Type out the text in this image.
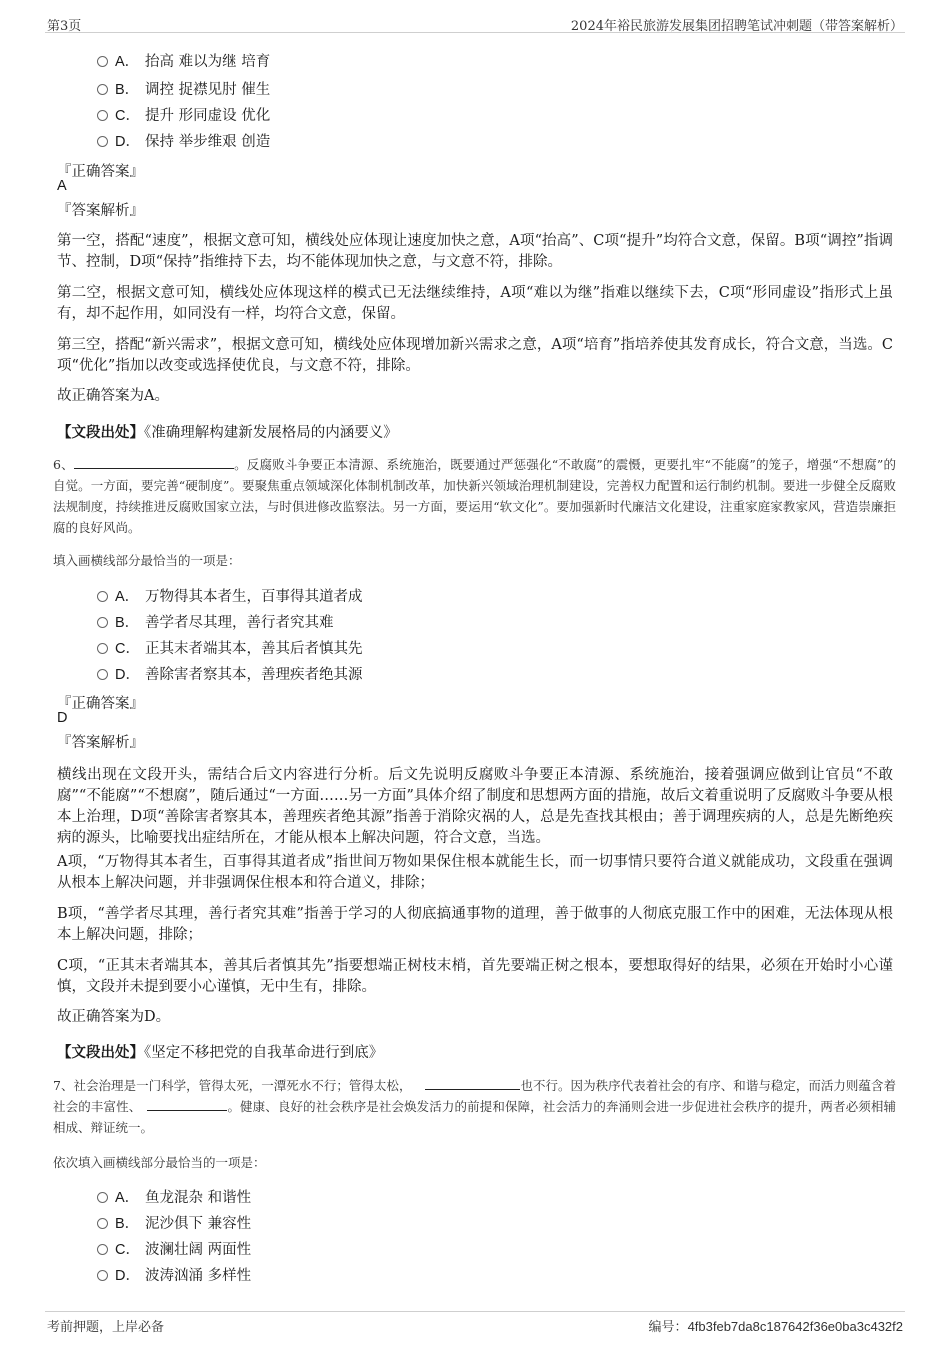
第3页	2024年裕民旅游发展集团招聘笔试冲刺题（带答案解析）
A． 抬高 难以为继 培育
B． 调控 捉襟见肘 催生
C． 提升 形同虚设 优化
D． 保持 举步维艰 创造
『正确答案』
A
『答案解析』
第一空，搭配“速度”，根据文意可知，横线处应体现让速度加快之意，A项“抬高”、C项“提升”均符合文意，保留。B项“调控”指调节、控制，D项“保持”指维持下去，均不能体现加快之意，与文意不符，排除。
第二空，根据文意可知，横线处应体现这样的模式已无法继续维持，A项“难以为继”指难以继续下去，C项“形同虚设”指形式上虽有，却不起作用，如同没有一样，均符合文意，保留。
第三空，搭配“新兴需求”，根据文意可知，横线处应体现增加新兴需求之意，A项“培育”指培养使其发育成长，符合文意，当选。C项“优化”指加以改变或选择使优良，与文意不符，排除。
故正确答案为A。
【文段出处】《准确理解构建新发展格局的内涵要义》
6、	。反腐败斗争要正本清源、系统施治，既要通过严惩强化“不敢腐”的震慑，更要扎牢“不能腐”的笼子，增强“不想腐”的自觉。一方面，要完善“硬制度”。要聚焦重点领域深化体制机制改革，加快新兴领域治理机制建设，完善权力配置和运行制约机制。要进一步健全反腐败法规制度，持续推进反腐败国家立法，与时俱进修改监察法。另一方面，要运用“软文化”。要加强新时代廉洁文化建设，注重家庭家教家风，营造崇廉拒腐的良好风尚。
填入画横线部分最恰当的一项是：
A． 万物得其本者生，百事得其道者成
B． 善学者尽其理，善行者究其难
C． 正其末者端其本，善其后者慎其先
D． 善除害者察其本，善理疾者绝其源
『正确答案』
D
『答案解析』
横线出现在文段开头，需结合后文内容进行分析。后文先说明反腐败斗争要正本清源、系统施治，接着强调应做到让官员“不敢腐”“不能腐”“不想腐”，随后通过“一方面……另一方面”具体介绍了制度和思想两方面的措施，故后文着重说明了反腐败斗争要从根本上治理，D项“善除害者察其本，善理疾者绝其源”指善于消除灾祸的人，总是先查找其根由；善于调理疾病的人，总是先断绝疾病的源头，比喻要找出症结所在，才能从根本上解决问题，符合文意，当选。
A项，“万物得其本者生，百事得其道者成”指世间万物如果保住根本就能生长，而一切事情只要符合道义就能成功，文段重在强调从根本上解决问题，并非强调保住根本和符合道义，排除；
B项，“善学者尽其理，善行者究其难”指善于学习的人彻底搞通事物的道理，善于做事的人彻底克服工作中的困难，无法体现从根本上解决问题，排除；
C项，“正其末者端其本，善其后者慎其先”指要想端正树枝末梢，首先要端正树之根本，要想取得好的结果，必须在开始时小心谨慎，文段并未提到要小心谨慎，无中生有，排除。
故正确答案为D。
【文段出处】《坚定不移把党的自我革命进行到底》
7、社会治理是一门科学，管得太死，一潭死水不行；管得太松，	也不行。因为秩序代表着社会的有序、和谐与稳定，而活力则蕴含着社会的丰富性、	。健康、良好的社会秩序是社会焕发活力的前提和保障，社会活力的奔涌则会进一步促进社会秩序的提升，两者必须相辅相成、辩证统一。
依次填入画横线部分最恰当的一项是：
A． 鱼龙混杂 和谐性
B． 泥沙俱下 兼容性
C． 波澜壮阔 两面性
D． 波涛汹涌 多样性
考前押题，上岸必备	编号：4fb3feb7da8c187642f36e0ba3c432f2
